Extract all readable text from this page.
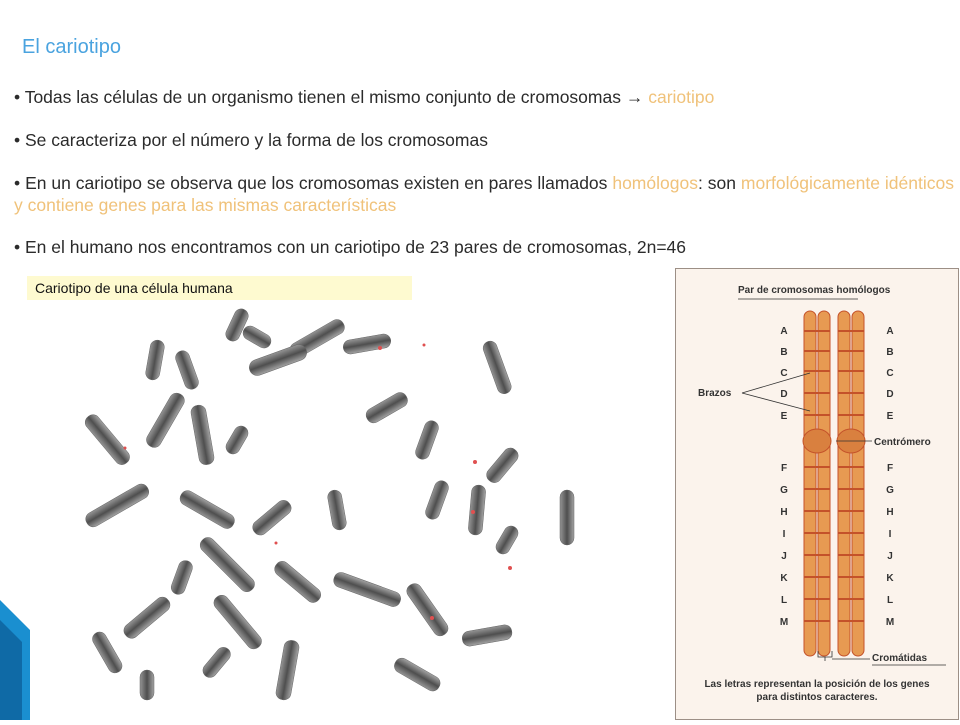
El cariotipo
• Todas las células de un organismo tienen el mismo conjunto de cromosomas → cariotipo
• Se caracteriza por el número y la forma de los cromosomas
• En un cariotipo se observa que los cromosomas existen en pares llamados homólogos: son morfológicamente idénticos y contiene genes para las mismas características
• En el humano nos encontramos con un cariotipo de 23 pares de cromosomas, 2n=46
Cariotipo de una célula humana	Par de cromosomas homólogos
A	A
B	B
C	C
D	D
E	E
F	F
G	G
H	H
I	I
J	J
K	K
L	L
M	M
Brazos
Centrómero
Cromátidas
Las letras representan la posición de los genes
para distintos caracteres.
